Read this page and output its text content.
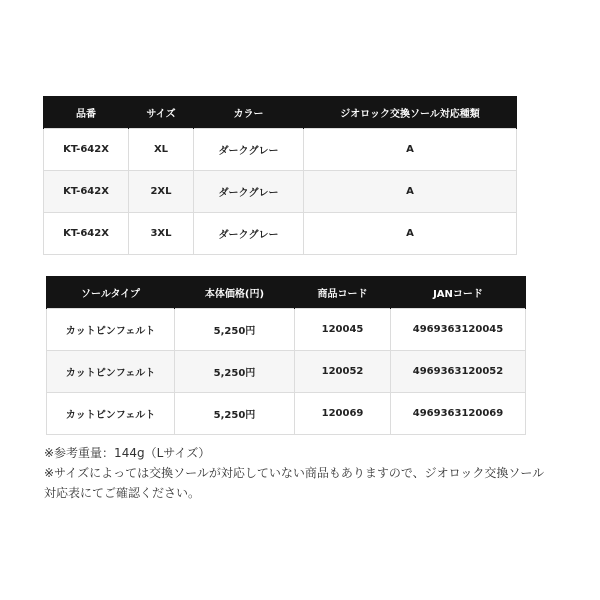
品番	サイズ	カラー	ジオロック交換ソール対応種類
KT-642X	XL	ダークグレー	A
KT-642X	2XL	ダークグレー	A
KT-642X	3XL	ダークグレー	A
ソールタイプ	本体価格(円)	商品コード	JANコード
カットピンフェルト	5,250円	120045	4969363120045
カットピンフェルト	5,250円	120052	4969363120052
カットピンフェルト	5,250円	120069	4969363120069

※参考重量：144g（Lサイズ）

※サイズによっては交換ソールが対応していない商品もありますので、ジオロック交換ソール

対応表にてご確認ください。
